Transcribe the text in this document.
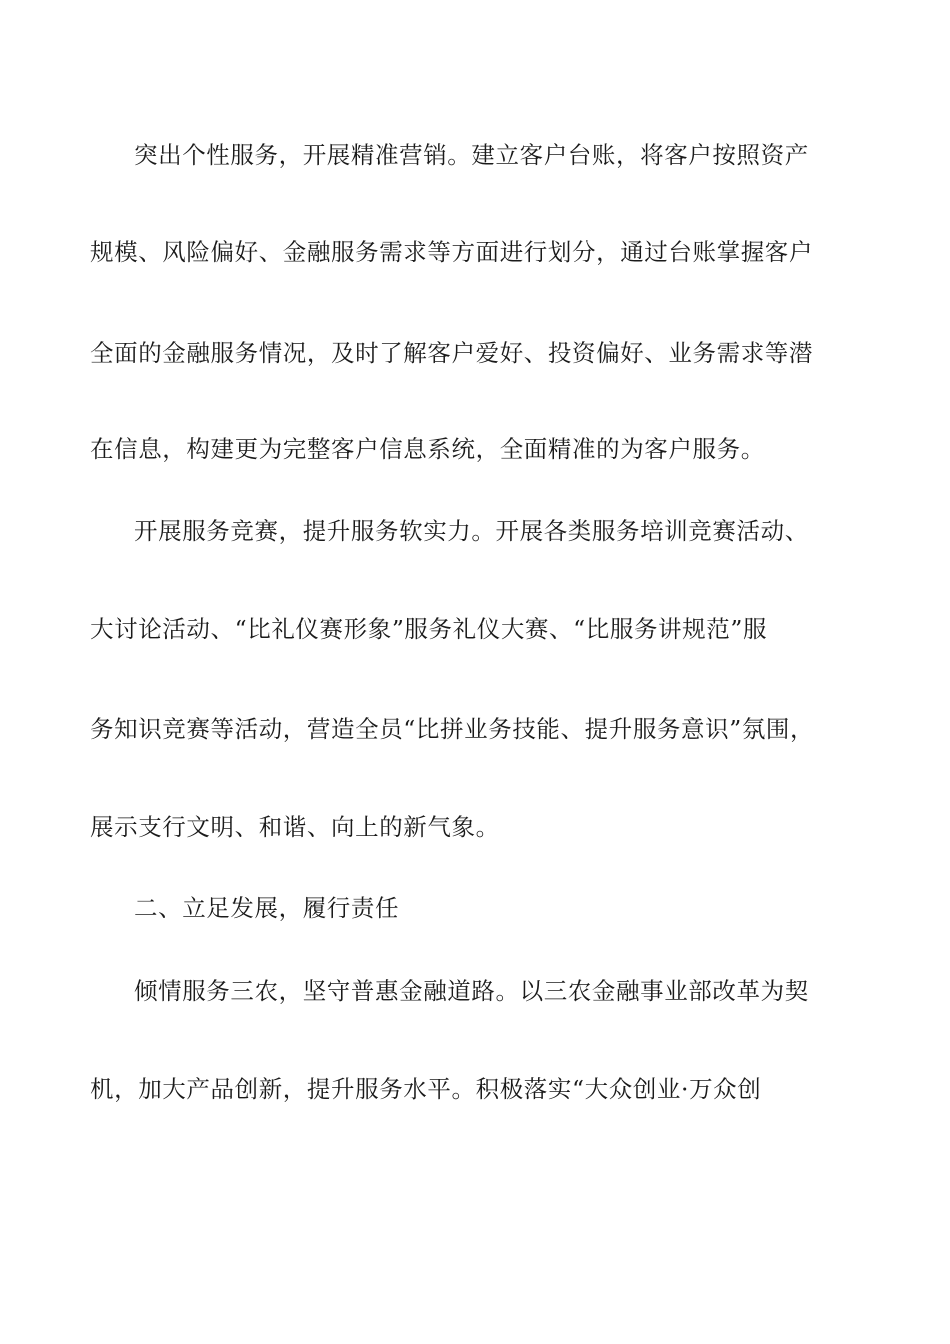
突出个性服务，开展精准营销。建立客户台账，将客户按照资产
规模、风险偏好、金融服务需求等方面进行划分，通过台账掌握客户
全面的金融服务情况，及时了解客户爱好、投资偏好、业务需求等潜
在信息，构建更为完整客户信息系统，全面精准的为客户服务。
开展服务竞赛，提升服务软实力。开展各类服务培训竞赛活动、
大讨论活动、“比礼仪赛形象”服务礼仪大赛、“比服务讲规范”服
务知识竞赛等活动，营造全员“比拼业务技能、提升服务意识”氛围，
展示支行文明、和谐、向上的新气象。
二、立足发展，履行责任
倾情服务三农，坚守普惠金融道路。以三农金融事业部改革为契
机，加大产品创新，提升服务水平。积极落实“大众创业·万众创
